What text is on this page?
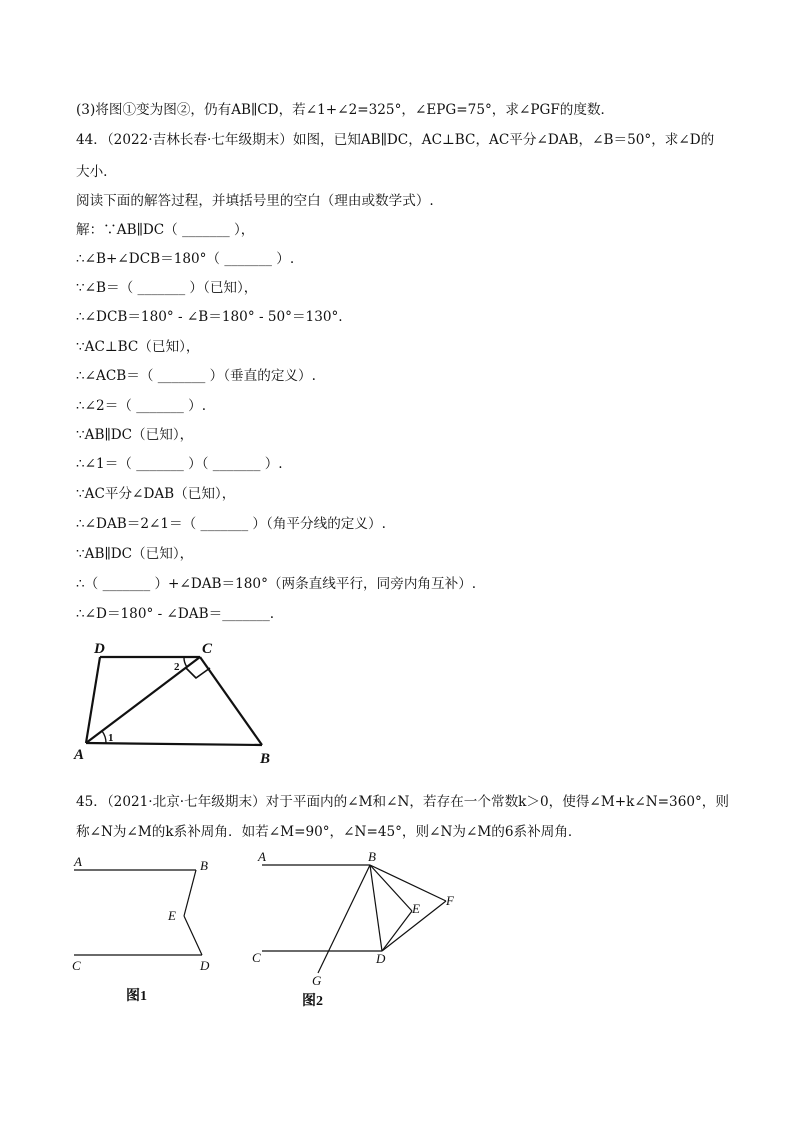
(3)将图①变为图②，仍有AB∥CD，若∠1+∠2=325°，∠EPG=75°，求∠PGF的度数．
44．（2022·吉林长春·七年级期末）如图，已知AB∥DC，AC⊥BC，AC平分∠DAB，∠B＝50°，求∠D的
大小.
阅读下面的解答过程，并填括号里的空白（理由或数学式）.
解：∵AB∥DC（ _______ ），
∴∠B+∠DCB＝180°（ _______ ）.
∵∠B＝（ _______ ）（已知），
∴∠DCB＝180° - ∠B＝180° - 50°＝130°.
∵AC⊥BC（已知），
∴∠ACB＝（ _______ ）（垂直的定义）.
∴∠2＝（ _______ ）.
∵AB∥DC（已知），
∴∠1＝（ _______ ）（ _______ ）.
∵AC平分∠DAB（已知），
∴∠DAB＝2∠1＝（ _______ ）（角平分线的定义）.
∵AB∥DC（已知），
∴（ _______ ）+∠DAB＝180°（两条直线平行，同旁内角互补）.
∴∠D＝180° - ∠DAB＝_______.
D	C
A	B
1
2
45．（2021·北京·七年级期末）对于平面内的∠M和∠N，若存在一个常数k＞0，使得∠M+k∠N=360°，则
称∠N为∠M的k系补周角．如若∠M=90°，∠N=45°，则∠N为∠M的6系补周角．
A	B
E
C	D
图1
A	B
E
F
C	D
G
图2
